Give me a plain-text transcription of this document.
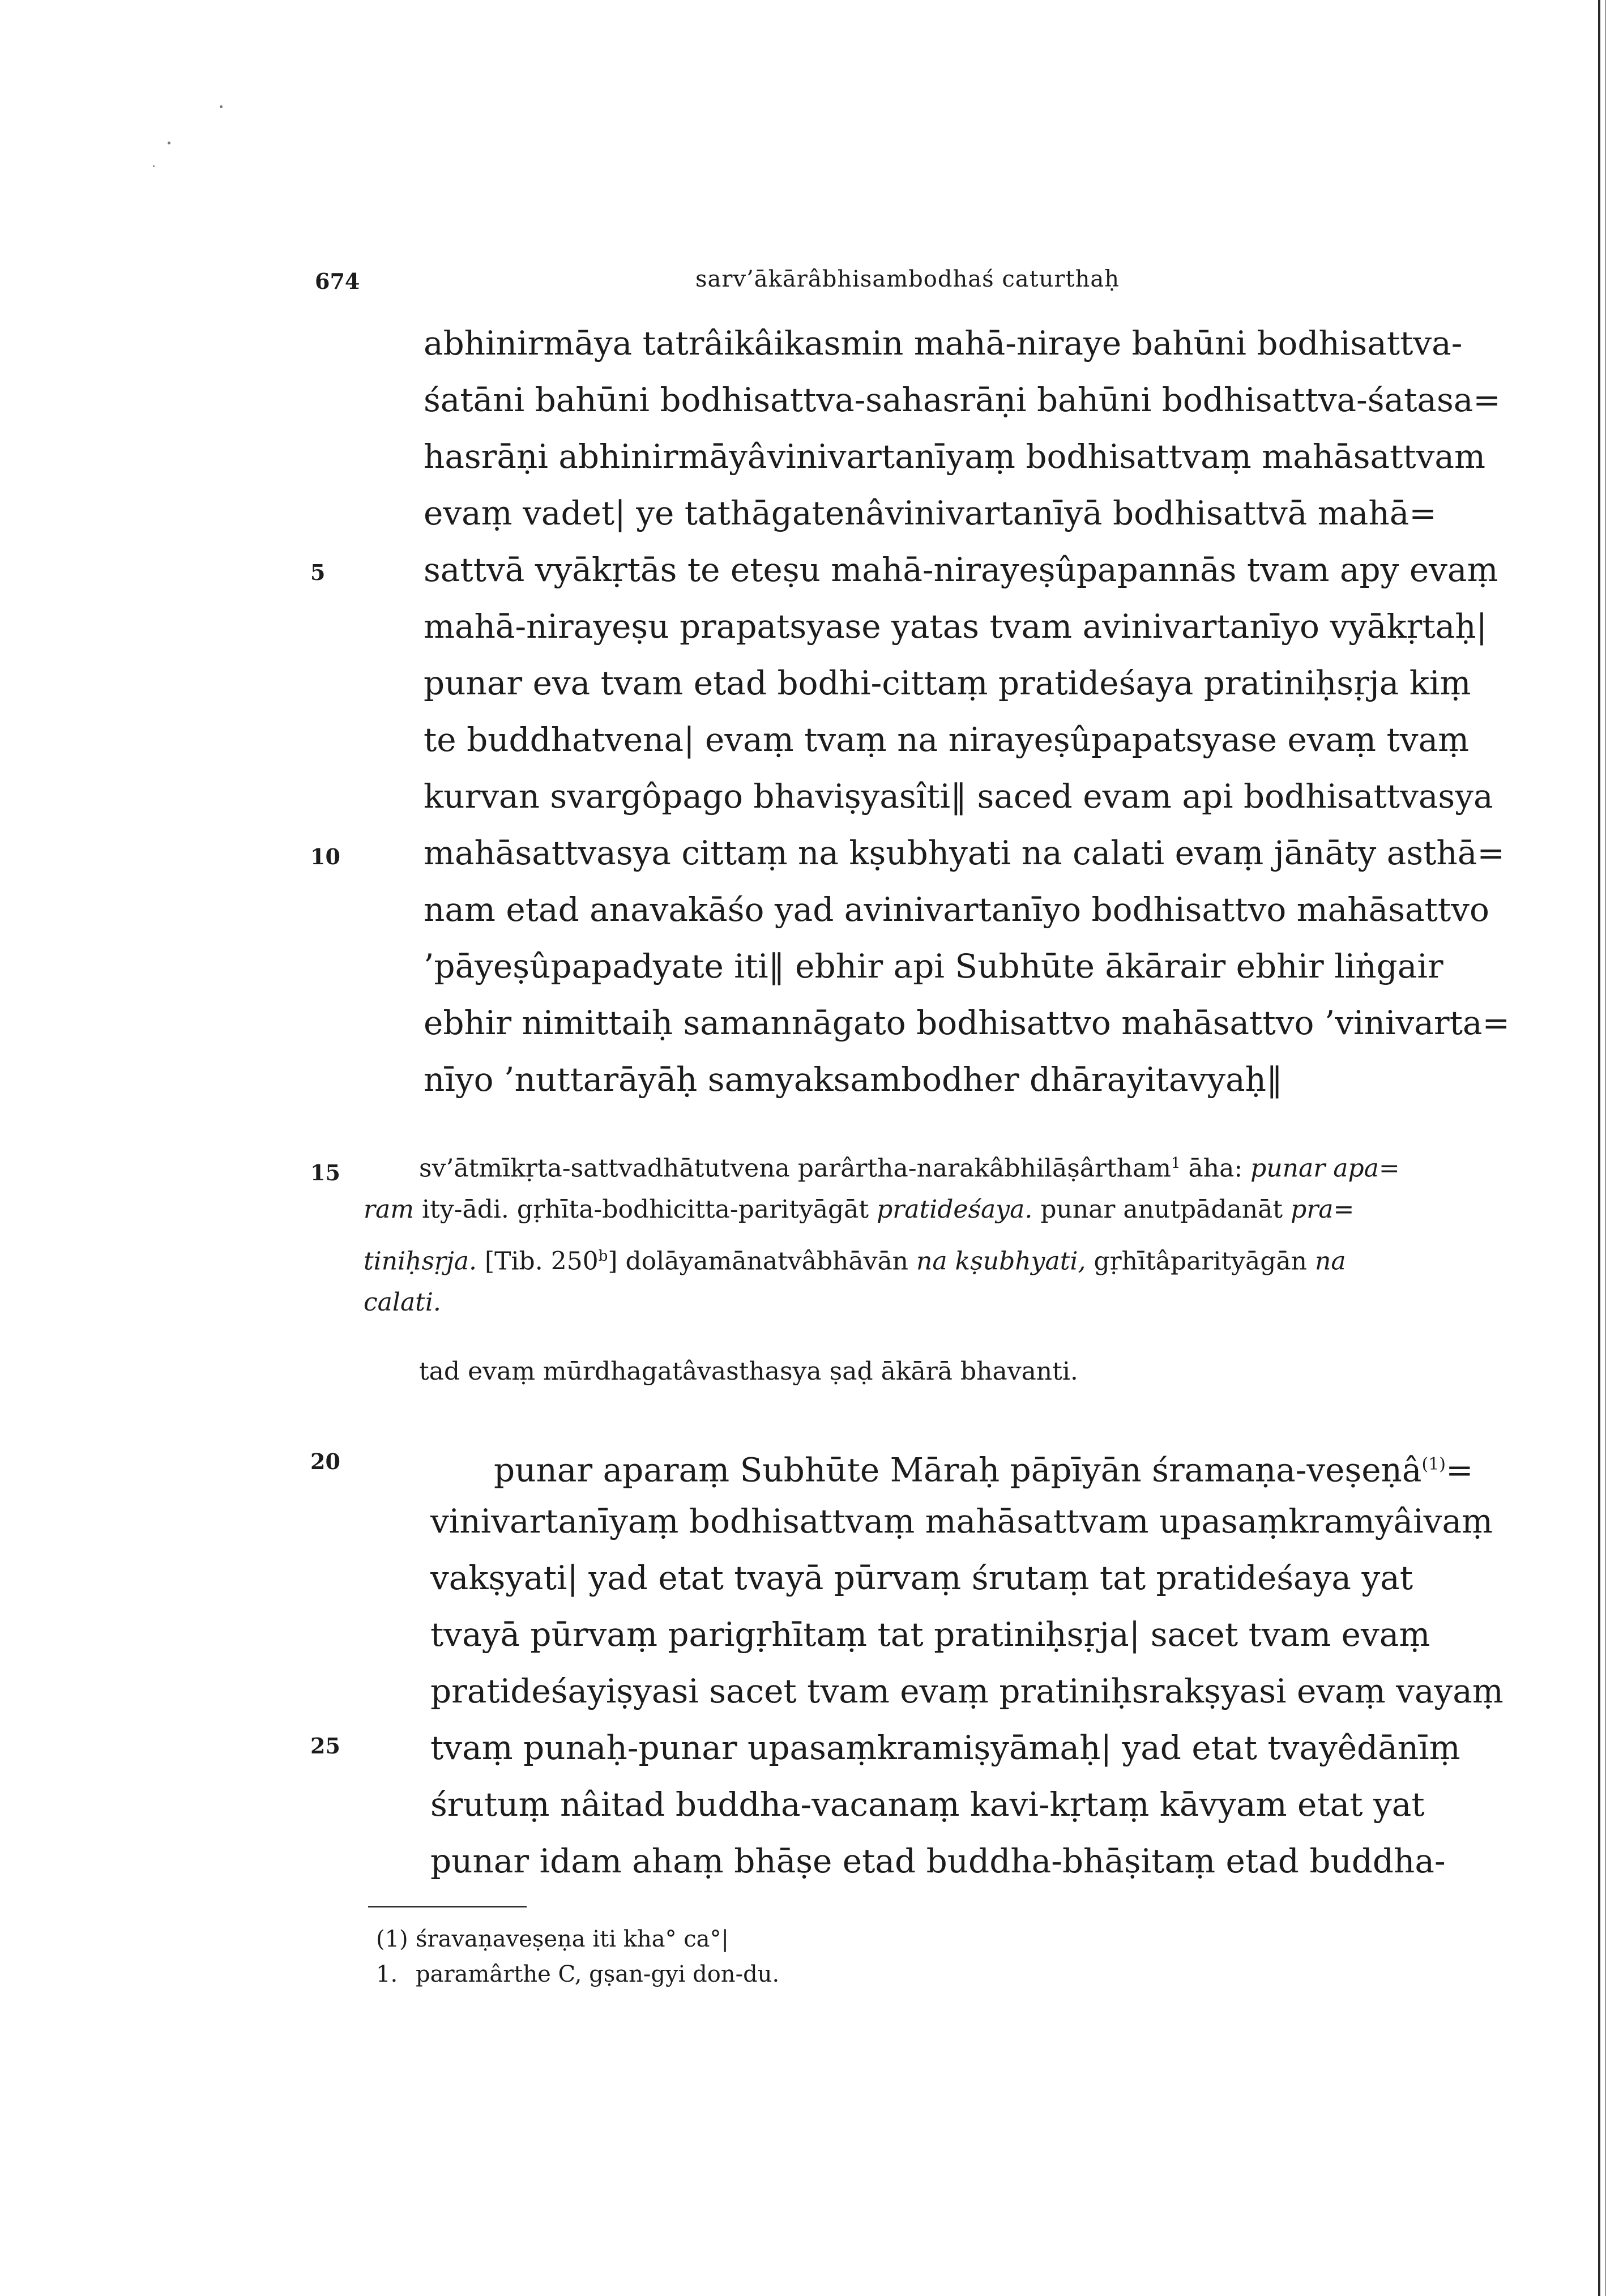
674	sarv’ākārâbhisambodhaś caturthaḥ
5
10
15
20
25
abhinirmāya tatrâikâikasmin mahā-niraye bahūni bodhisattva-
śatāni bahūni bodhisattva-sahasrāṇi bahūni bodhisattva-śatasa=
hasrāṇi abhinirmāyâvinivartanīyaṃ bodhisattvaṃ mahāsattvam
evaṃ vadet| ye tathāgatenâvinivartanīyā bodhisattvā mahā=
sattvā vyākṛtās te eteṣu mahā-nirayeṣûpapannās tvam apy evaṃ
mahā-nirayeṣu prapatsyase yatas tvam avinivartanīyo vyākṛtaḥ|
punar eva tvam etad bodhi-cittaṃ pratideśaya pratiniḥsṛja kiṃ
te buddhatvena| evaṃ tvaṃ na nirayeṣûpapatsyase evaṃ tvaṃ
kurvan svargôpago bhaviṣyasîti‖ saced evam api bodhisattvasya
mahāsattvasya cittaṃ na kṣubhyati na calati evaṃ jānāty asthā=
nam etad anavakāśo yad avinivartanīyo bodhisattvo mahāsattvo
’pāyeṣûpapadyate iti‖ ebhir api Subhūte ākārair ebhir liṅgair
ebhir nimittaiḥ samannāgato bodhisattvo mahāsattvo ’vinivarta=
nīyo ’nuttarāyāḥ samyaksambodher dhārayitavyaḥ‖
sv’ātmīkṛta-sattvadhātutvena parârtha-narakâbhilāṣârtham$^1$ āha: punar apa=
ram ity-ādi. gṛhīta-bodhicitta-parityāgāt pratideśaya. punar anutpādanāt pra=
tiniḥsṛja. [Tib. 250$^b$] dolāyamānatvâbhāvān na kṣubhyati, gṛhītâparityāgān na
calati.
tad evaṃ mūrdhagatâvasthasya ṣaḍ ākārā bhavanti.
punar aparaṃ Subhūte Māraḥ pāpīyān śramaṇa-veṣeṇâ$^{(1)}$=
vinivartanīyaṃ bodhisattvaṃ mahāsattvam upasaṃkramyâivaṃ
vakṣyati| yad etat tvayā pūrvaṃ śrutaṃ tat pratideśaya yat
tvayā pūrvaṃ parigṛhītaṃ tat pratiniḥsṛja| sacet tvam evaṃ
pratideśayiṣyasi sacet tvam evaṃ pratiniḥsrakṣyasi evaṃ vayaṃ
tvaṃ punaḥ-punar upasaṃkramiṣyāmaḥ| yad etat tvayêdānīṃ
śrutuṃ nâitad buddha-vacanaṃ kavi-kṛtaṃ kāvyam etat yat
punar idam ahaṃ bhāṣe etad buddha-bhāṣitaṃ etad buddha-
(1) śravaṇaveṣeṇa iti kha° ca°|
1. paramârthe C, gṣan-gyi don-du.
